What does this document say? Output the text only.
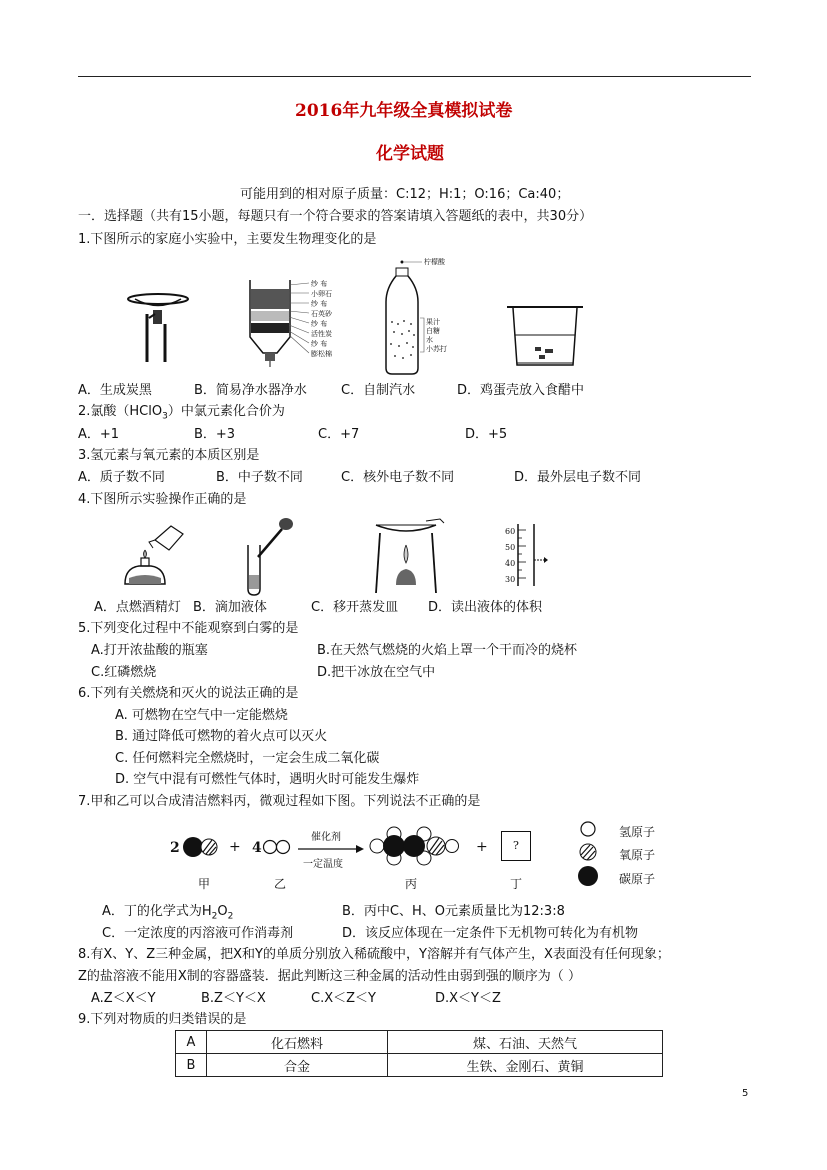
2016年九年级全真模拟试卷
化学试题
可能用到的相对原子质量：C:12；H:1；O:16；Ca:40；
一．选择题（共有15小题，每题只有一个符合要求的答案请填入答题纸的表中，共30分）
1.下图所示的家庭小实验中，主要发生物理变化的是
纱 布
小卵石
纱 布
石英砂
纱 布
活性炭
纱 布
膨松棉
柠檬酸
果汁
白糖
水
小苏打
A．生成炭黑	B．简易净水器净水	C．自制汽水	D．鸡蛋壳放入食醋中
2.氯酸（HClO$_3$）中氯元素化合价为
A．+1	B．+3	C．+7	D．+5
3.氢元素与氧元素的本质区别是
A．质子数不同	B．中子数不同	C．核外电子数不同	D．最外层电子数不同
4.下图所示实验操作正确的是
60
50
40
30
A．点燃酒精灯 B．滴加液体	C．移开蒸发皿 D．读出液体的体积
5.下列变化过程中不能观察到白雾的是
A.打开浓盐酸的瓶塞	B.在天然气燃烧的火焰上罩一个干而冷的烧杯
C.红磷燃烧	D.把干冰放在空气中
6.下列有关燃烧和灭火的说法正确的是
A. 可燃物在空气中一定能燃烧
B. 通过降低可燃物的着火点可以灭火
C. 任何燃料完全燃烧时，一定会生成二氧化碳
D. 空气中混有可燃性气体时，遇明火时可能发生爆炸
7.甲和乙可以合成清洁燃料丙，微观过程如下图。下列说法不正确的是
2	+ 4
催化剂
一定温度
+	?
氢原子
氧原子
碳原子
甲	乙	丙	丁
A．丁的化学式为$H_2O_2$	B．丙中C、H、O元素质量比为12:3:8
C．一定浓度的丙溶液可作消毒剂	D．该反应体现在一定条件下无机物可转化为有机物
8.有X、Y、Z三种金属，把X和Y的单质分别放入稀硫酸中，Y溶解并有气体产生，X表面没有任何现象；
Z的盐溶液不能用X制的容器盛装．据此判断这三种金属的活动性由弱到强的顺序为（ ）
A.Z＜X＜Y	B.Z＜Y＜X	C.X＜Z＜Y	D.X＜Y＜Z
9.下列对物质的归类错误的是
A	化石燃料	煤、石油、天然气
B	合金	生铁、金刚石、黄铜
5
